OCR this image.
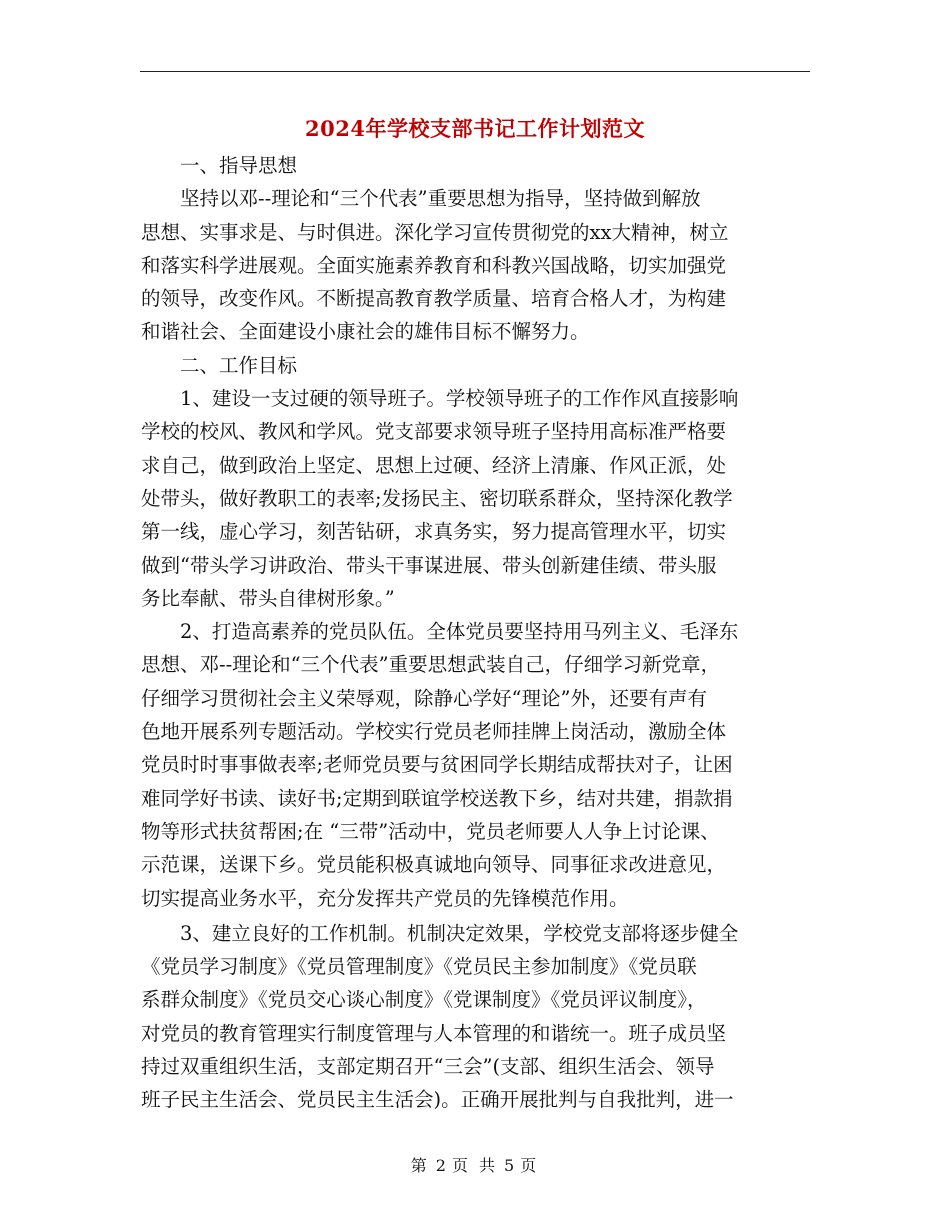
2024年学校支部书记工作计划范文
　　一、指导思想
　　坚持以邓--理论和“三个代表”重要思想为指导，坚持做到解放
思想、实事求是、与时俱进。深化学习宣传贯彻党的xx大精神，树立
和落实科学进展观。全面实施素养教育和科教兴国战略，切实加强党
的领导，改变作风。不断提高教育教学质量、培育合格人才，为构建
和谐社会、全面建设小康社会的雄伟目标不懈努力。
　　二、工作目标
　　1、建设一支过硬的领导班子。学校领导班子的工作作风直接影响
学校的校风、教风和学风。党支部要求领导班子坚持用高标准严格要
求自己，做到政治上坚定、思想上过硬、经济上清廉、作风正派，处
处带头，做好教职工的表率;发扬民主、密切联系群众，坚持深化教学
第一线，虚心学习，刻苦钻研，求真务实，努力提高管理水平，切实
做到“带头学习讲政治、带头干事谋进展、带头创新建佳绩、带头服
务比奉献、带头自律树形象。”
　　2、打造高素养的党员队伍。全体党员要坚持用马列主义、毛泽东
思想、邓--理论和“三个代表”重要思想武装自己，仔细学习新党章，
仔细学习贯彻社会主义荣辱观，除静心学好“理论”外，还要有声有
色地开展系列专题活动。学校实行党员老师挂牌上岗活动，激励全体
党员时时事事做表率;老师党员要与贫困同学长期结成帮扶对子，让困
难同学好书读、读好书;定期到联谊学校送教下乡，结对共建，捐款捐
物等形式扶贫帮困;在 “三带”活动中，党员老师要人人争上讨论课、
示范课，送课下乡。党员能积极真诚地向领导、同事征求改进意见，
切实提高业务水平，充分发挥共产党员的先锋模范作用。
　　3、建立良好的工作机制。机制决定效果，学校党支部将逐步健全
《党员学习制度》《党员管理制度》《党员民主参加制度》《党员联
系群众制度》《党员交心谈心制度》《党课制度》《党员评议制度》，
对党员的教育管理实行制度管理与人本管理的和谐统一。班子成员坚
持过双重组织生活，支部定期召开“三会”(支部、组织生活会、领导
班子民主生活会、党员民主生活会)。正确开展批判与自我批判，进一
第 2 页 共 5 页
